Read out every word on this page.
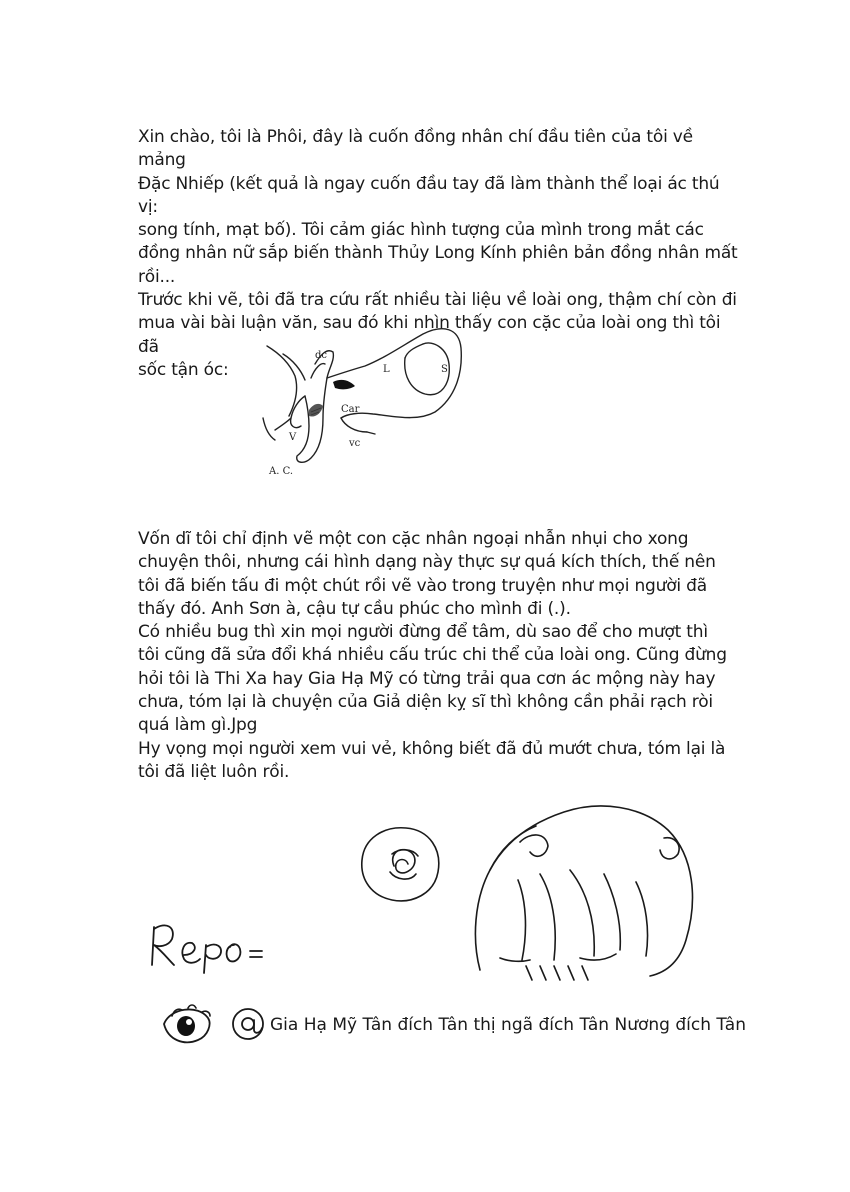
Xin chào, tôi là Phôi, đây là cuốn đồng nhân chí đầu tiên của tôi về mảng
Đặc Nhiếp (kết quả là ngay cuốn đầu tay đã làm thành thể loại ác thú vị:
song tính, mạt bố). Tôi cảm giác hình tượng của mình trong mắt các
đồng nhân nữ sắp biến thành Thủy Long Kính phiên bản đồng nhân mất
rồi...
Trước khi vẽ, tôi đã tra cứu rất nhiều tài liệu về loài ong, thậm chí còn đi
mua vài bài luận văn, sau đó khi nhìn thấy con cặc của loài ong thì tôi đã
sốc tận óc:
dc
L	S
Car
V
vc
A. C.
Vốn dĩ tôi chỉ định vẽ một con cặc nhân ngoại nhẫn nhụi cho xong
chuyện thôi, nhưng cái hình dạng này thực sự quá kích thích, thế nên
tôi đã biến tấu đi một chút rồi vẽ vào trong truyện như mọi người đã
thấy đó. Anh Sơn à, cậu tự cầu phúc cho mình đi (.).
Có nhiều bug thì xin mọi người đừng để tâm, dù sao để cho mượt thì
tôi cũng đã sửa đổi khá nhiều cấu trúc chi thể của loài ong. Cũng đừng
hỏi tôi là Thi Xa hay Gia Hạ Mỹ có từng trải qua cơn ác mộng này hay
chưa, tóm lại là chuyện của Giả diện kỵ sĩ thì không cần phải rạch ròi
quá làm gì.Jpg
Hy vọng mọi người xem vui vẻ, không biết đã đủ mướt chưa, tóm lại là
tôi đã liệt luôn rồi.
Repo =
@
Gia Hạ Mỹ Tân đích Tân thị ngã đích Tân Nương đích Tân
